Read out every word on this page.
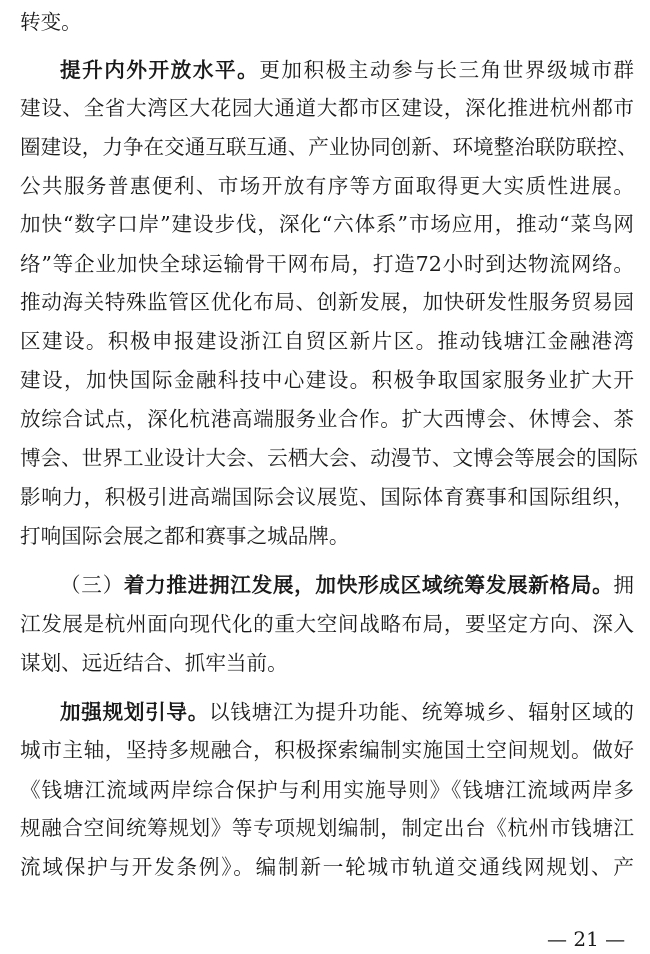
转变。
提升内外开放水平。更加积极主动参与长三角世界级城市群
建设、全省大湾区大花园大通道大都市区建设，深化推进杭州都市
圈建设，力争在交通互联互通、产业协同创新、环境整治联防联控、
公共服务普惠便利、市场开放有序等方面取得更大实质性进展。
加快“数字口岸”建设步伐，深化“六体系”市场应用，推动“菜鸟网
络”等企业加快全球运输骨干网布局，打造72小时到达物流网络。
推动海关特殊监管区优化布局、创新发展，加快研发性服务贸易园
区建设。积极申报建设浙江自贸区新片区。推动钱塘江金融港湾
建设，加快国际金融科技中心建设。积极争取国家服务业扩大开
放综合试点，深化杭港高端服务业合作。扩大西博会、休博会、茶
博会、世界工业设计大会、云栖大会、动漫节、文博会等展会的国际
影响力，积极引进高端国际会议展览、国际体育赛事和国际组织，
打响国际会展之都和赛事之城品牌。
（三）着力推进拥江发展，加快形成区域统筹发展新格局。拥
江发展是杭州面向现代化的重大空间战略布局，要坚定方向、深入
谋划、远近结合、抓牢当前。
加强规划引导。以钱塘江为提升功能、统筹城乡、辐射区域的
城市主轴，坚持多规融合，积极探索编制实施国土空间规划。做好
《钱塘江流域两岸综合保护与利用实施导则》《钱塘江流域两岸多
规融合空间统筹规划》等专项规划编制，制定出台《杭州市钱塘江
流域保护与开发条例》。编制新一轮城市轨道交通线网规划、产
— 21 —
